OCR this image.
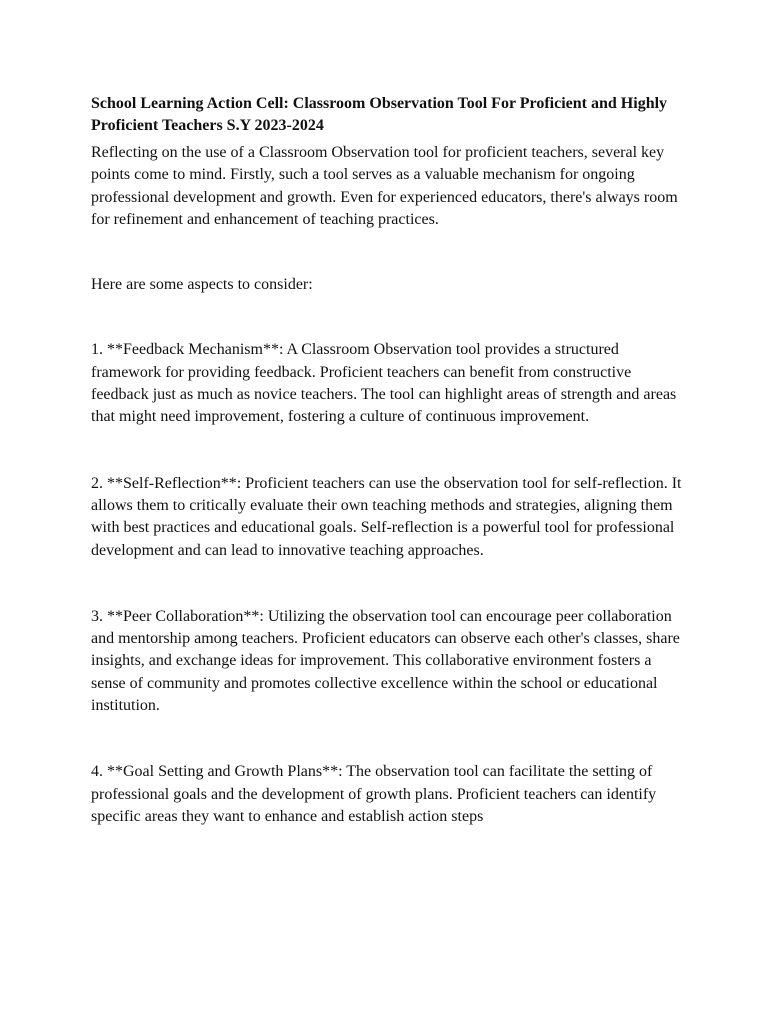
School Learning Action Cell: Classroom Observation Tool For Proficient and Highly Proficient Teachers S.Y 2023-2024

Reflecting on the use of a Classroom Observation tool for proficient teachers, several key points come to mind. Firstly, such a tool serves as a valuable mechanism for ongoing professional development and growth. Even for experienced educators, there's always room for refinement and enhancement of teaching practices.

Here are some aspects to consider:

1. **Feedback Mechanism**: A Classroom Observation tool provides a structured framework for providing feedback. Proficient teachers can benefit from constructive feedback just as much as novice teachers. The tool can highlight areas of strength and areas that might need improvement, fostering a culture of continuous improvement.

2. **Self-Reflection**: Proficient teachers can use the observation tool for self-reflection. It allows them to critically evaluate their own teaching methods and strategies, aligning them with best practices and educational goals. Self-reflection is a powerful tool for professional development and can lead to innovative teaching approaches.

3. **Peer Collaboration**: Utilizing the observation tool can encourage peer collaboration and mentorship among teachers. Proficient educators can observe each other's classes, share insights, and exchange ideas for improvement. This collaborative environment fosters a sense of community and promotes collective excellence within the school or educational institution.

4. **Goal Setting and Growth Plans**: The observation tool can facilitate the setting of professional goals and the development of growth plans. Proficient teachers can identify specific areas they want to enhance and establish action steps
